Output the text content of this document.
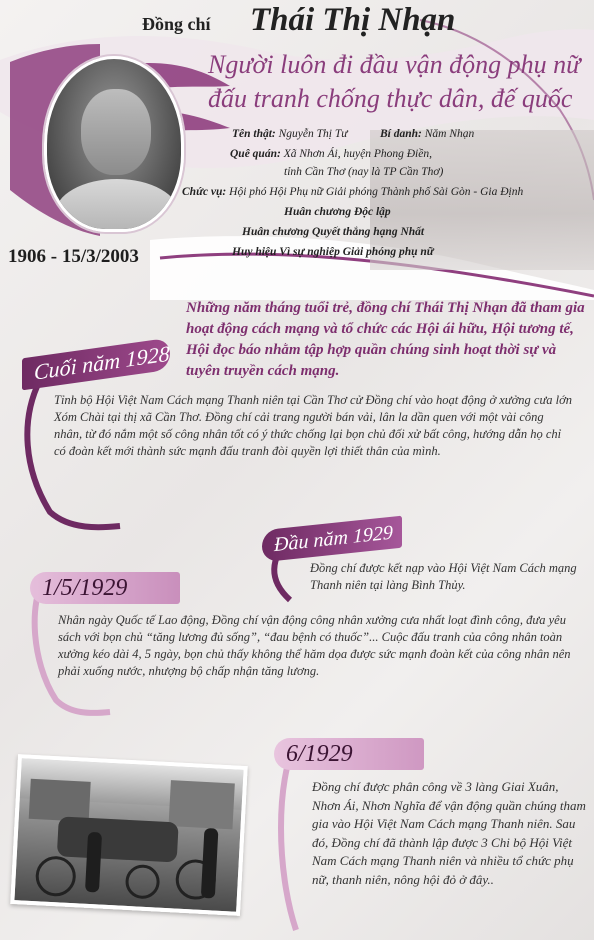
Đồng chí Thái Thị Nhạn
Người luôn đi đầu vận động phụ nữ
đấu tranh chống thực dân, đế quốc
Tên thật: Nguyễn Thị Tư	Bí danh: Năm Nhạn
Quê quán: Xã Nhơn Ái, huyện Phong Điền,
tỉnh Cần Thơ (nay là TP Cần Thơ)
Chức vụ: Hội phó Hội Phụ nữ Giải phóng Thành phố Sài Gòn - Gia Định
Huân chương Độc lập
Huân chương Quyết thắng hạng Nhất
Huy hiệu Vì sự nghiệp Giải phóng phụ nữ
1906 - 15/3/2003
Những năm tháng tuổi trẻ, đồng chí Thái Thị Nhạn đã tham gia hoạt động cách mạng và tổ chức các Hội ái hữu, Hội tương tế, Hội đọc báo nhằm tập hợp quần chúng sinh hoạt thời sự và tuyên truyền cách mạng.
Cuối năm 1928
Tỉnh bộ Hội Việt Nam Cách mạng Thanh niên tại Cần Thơ cử Đồng chí vào hoạt động ở xưởng cưa lớn Xóm Chài tại thị xã Cần Thơ. Đồng chí cải trang người bán vải, lân la dần quen với một vài công nhân, từ đó nắm một số công nhân tốt có ý thức chống lại bọn chủ đối xử bất công, hướng dẫn họ chỉ có đoàn kết mới thành sức mạnh đấu tranh đòi quyền lợi thiết thân của mình.
Đầu năm 1929
Đồng chí được kết nạp vào Hội Việt Nam Cách mạng Thanh niên tại làng Bình Thủy.
1/5/1929
Nhân ngày Quốc tế Lao động, Đồng chí vận động công nhân xưởng cưa nhất loạt đình công, đưa yêu sách với bọn chủ “tăng lương đủ sống”, “đau bệnh có thuốc”... Cuộc đấu tranh của công nhân toàn xưởng kéo dài 4, 5 ngày, bọn chủ thấy không thể hăm dọa được sức mạnh đoàn kết của công nhân nên phải xuống nước, nhượng bộ chấp nhận tăng lương.
6/1929
Đồng chí được phân công về 3 làng Giai Xuân, Nhơn Ái, Nhơn Nghĩa để vận động quần chúng tham gia vào Hội Việt Nam Cách mạng Thanh niên. Sau đó, Đồng chí đã thành lập được 3 Chi bộ Hội Việt Nam Cách mạng Thanh niên và nhiều tổ chức phụ nữ, thanh niên, nông hội đỏ ở đây..
